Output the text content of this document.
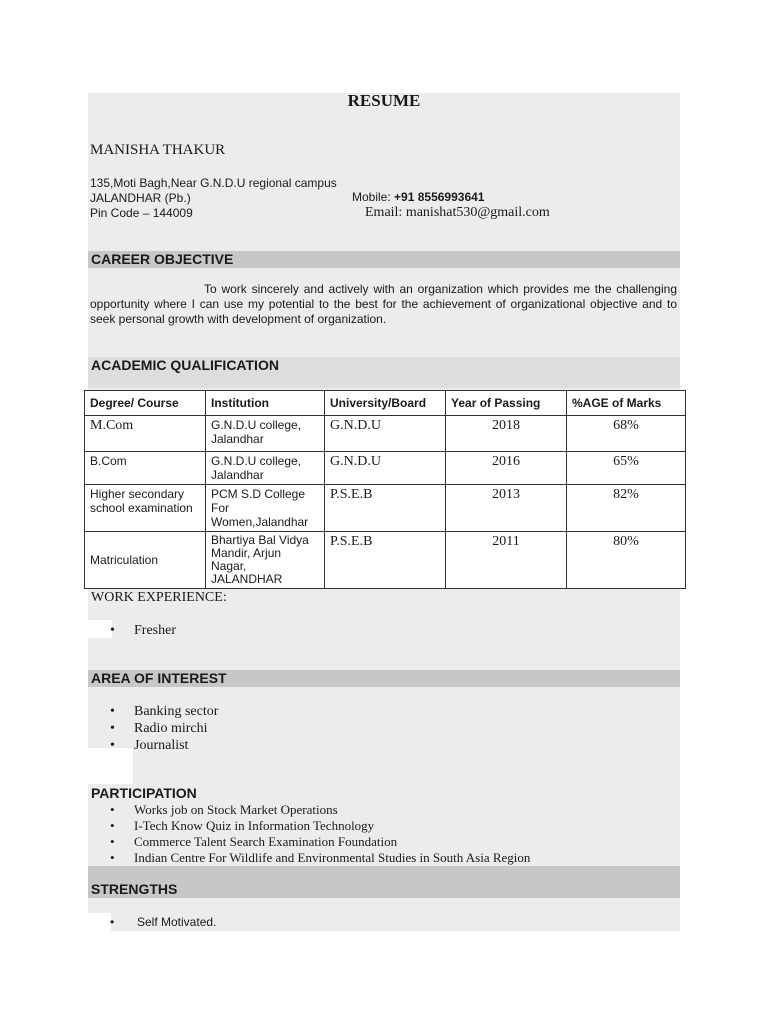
RESUME
MANISHA THAKUR
135,Moti Bagh,Near G.N.D.U regional campus
JALANDHAR (Pb.)
Pin Code – 144009
Mobile: +91 8556993641
Email: manishat530@gmail.com
CAREER OBJECTIVE
To work sincerely and actively with an organization which provides me the challenging opportunity where I can use my potential to the best for the achievement of organizational objective and to seek personal growth with development of organization.
ACADEMIC QUALIFICATION
Degree/ Course	Institution	University/Board	Year of Passing	%AGE of Marks
M.Com	G.N.D.U college, Jalandhar	G.N.D.U	2018	68%
B.Com	G.N.D.U college, Jalandhar	G.N.D.U	2016	65%
Higher secondary school examination	PCM S.D College For Women,Jalandhar	P.S.E.B	2013	82%
Matriculation	Bhartiya Bal Vidya Mandir, Arjun Nagar, JALANDHAR	P.S.E.B	2011	80%
WORK EXPERIENCE:
• Fresher
AREA OF INTEREST
• Banking sector
• Radio mirchi
• Journalist
PARTICIPATION
• Works job on Stock Market Operations
• I-Tech Know Quiz in Information Technology
• Commerce Talent Search Examination Foundation
• Indian Centre For Wildlife and Environmental Studies in South Asia Region
STRENGTHS
• Self Motivated.
